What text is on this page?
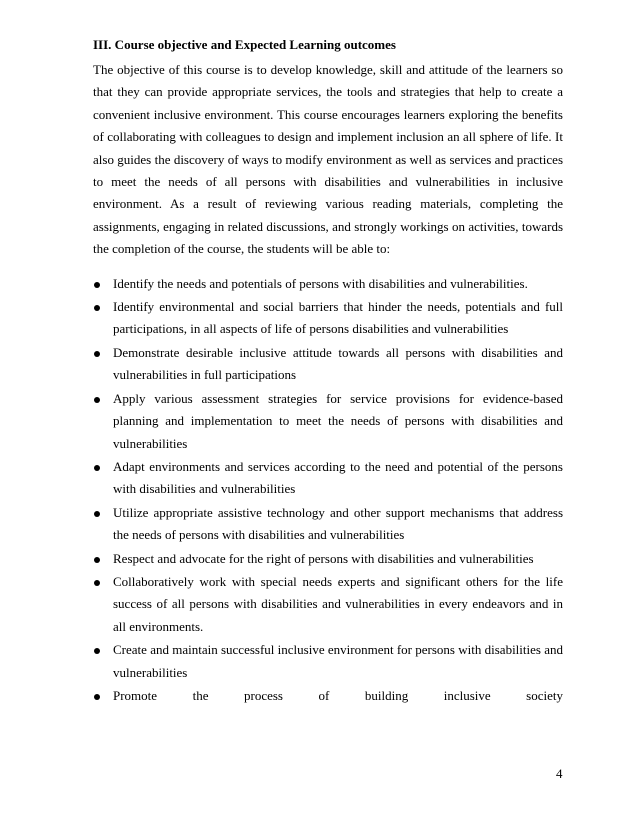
III. Course objective and Expected Learning outcomes

The objective of this course is to develop knowledge, skill and attitude of the learners so that they can provide appropriate services, the tools and strategies that help to create a convenient inclusive environment. This course encourages learners exploring the benefits of collaborating with colleagues to design and implement inclusion an all sphere of life. It also guides the discovery of ways to modify environment as well as services and practices to meet the needs of all persons with disabilities and vulnerabilities in inclusive environment. As a result of reviewing various reading materials, completing the assignments, engaging in related discussions, and strongly workings on activities, towards the completion of the course, the students will be able to:

Identify the needs and potentials of persons with disabilities and vulnerabilities.
Identify environmental and social barriers that hinder the needs, potentials and full participations, in all aspects of life of persons disabilities and vulnerabilities
Demonstrate desirable inclusive attitude towards all persons with disabilities and vulnerabilities in full participations
Apply various assessment strategies for service provisions for evidence-based planning and implementation to meet the needs of persons with disabilities and vulnerabilities
Adapt environments and services according to the need and potential of the persons with disabilities and vulnerabilities
Utilize appropriate assistive technology and other support mechanisms that address the needs of persons with disabilities and vulnerabilities
Respect and advocate for the right of persons with disabilities and vulnerabilities
Collaboratively work with special needs experts and significant others for the life success of all persons with disabilities and vulnerabilities in every endeavors and in all environments.
Create and maintain successful inclusive environment for persons with disabilities and vulnerabilities
Promote	the	process	of	building	inclusive	society
4
